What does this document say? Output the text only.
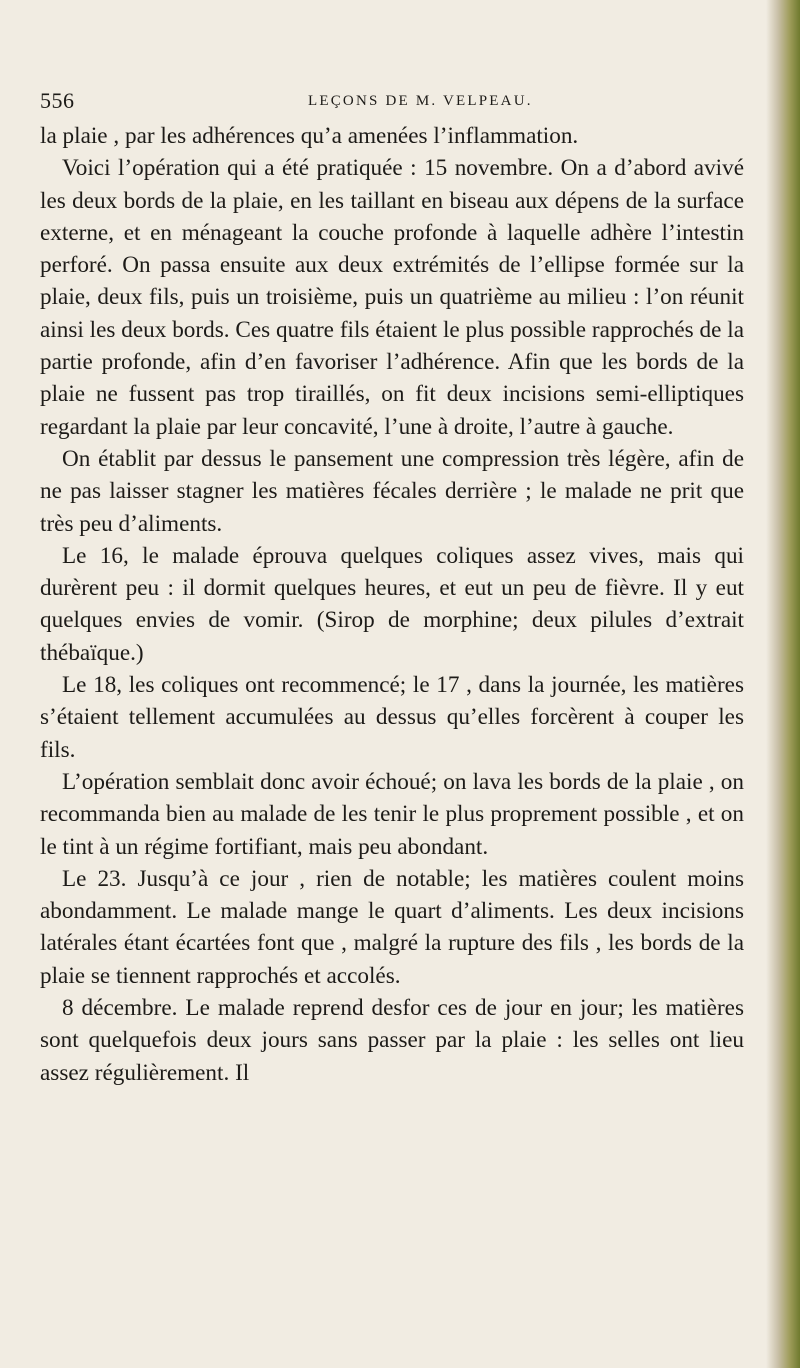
556	LEÇONS DE M. VELPEAU.

la plaie , par les adhérences qu’a amenées l’inflammation.

Voici l’opération qui a été pratiquée : 15 novembre. On a d’abord avivé les deux bords de la plaie, en les taillant en biseau aux dépens de la surface externe, et en ménageant la couche profonde à laquelle adhère l’intestin perforé. On passa ensuite aux deux extrémités de l’ellipse formée sur la plaie, deux fils, puis un troisième, puis un quatrième au milieu : l’on réunit ainsi les deux bords. Ces quatre fils étaient le plus possible rapprochés de la partie profonde, afin d’en favoriser l’adhérence. Afin que les bords de la plaie ne fussent pas trop tiraillés, on fit deux incisions semi-elliptiques regardant la plaie par leur concavité, l’une à droite, l’autre à gauche.

On établit par dessus le pansement une compression très légère, afin de ne pas laisser stagner les matières fécales derrière ; le malade ne prit que très peu d’aliments.

Le 16, le malade éprouva quelques coliques assez vives, mais qui durèrent peu : il dormit quelques heures, et eut un peu de fièvre. Il y eut quelques envies de vomir. (Sirop de morphine; deux pilules d’extrait thébaïque.)

Le 18, les coliques ont recommencé; le 17 , dans la journée, les matières s’étaient tellement accumulées au dessus qu’elles forcèrent à couper les fils.

L’opération semblait donc avoir échoué; on lava les bords de la plaie , on recommanda bien au malade de les tenir le plus proprement possible , et on le tint à un régime fortifiant, mais peu abondant.

Le 23. Jusqu’à ce jour , rien de notable; les matières coulent moins abondamment. Le malade mange le quart d’aliments. Les deux incisions latérales étant écartées font que , malgré la rupture des fils , les bords de la plaie se tiennent rapprochés et accolés.

8 décembre. Le malade reprend desfor ces de jour en jour; les matières sont quelquefois deux jours sans passer par la plaie : les selles ont lieu assez régulièrement. Il
